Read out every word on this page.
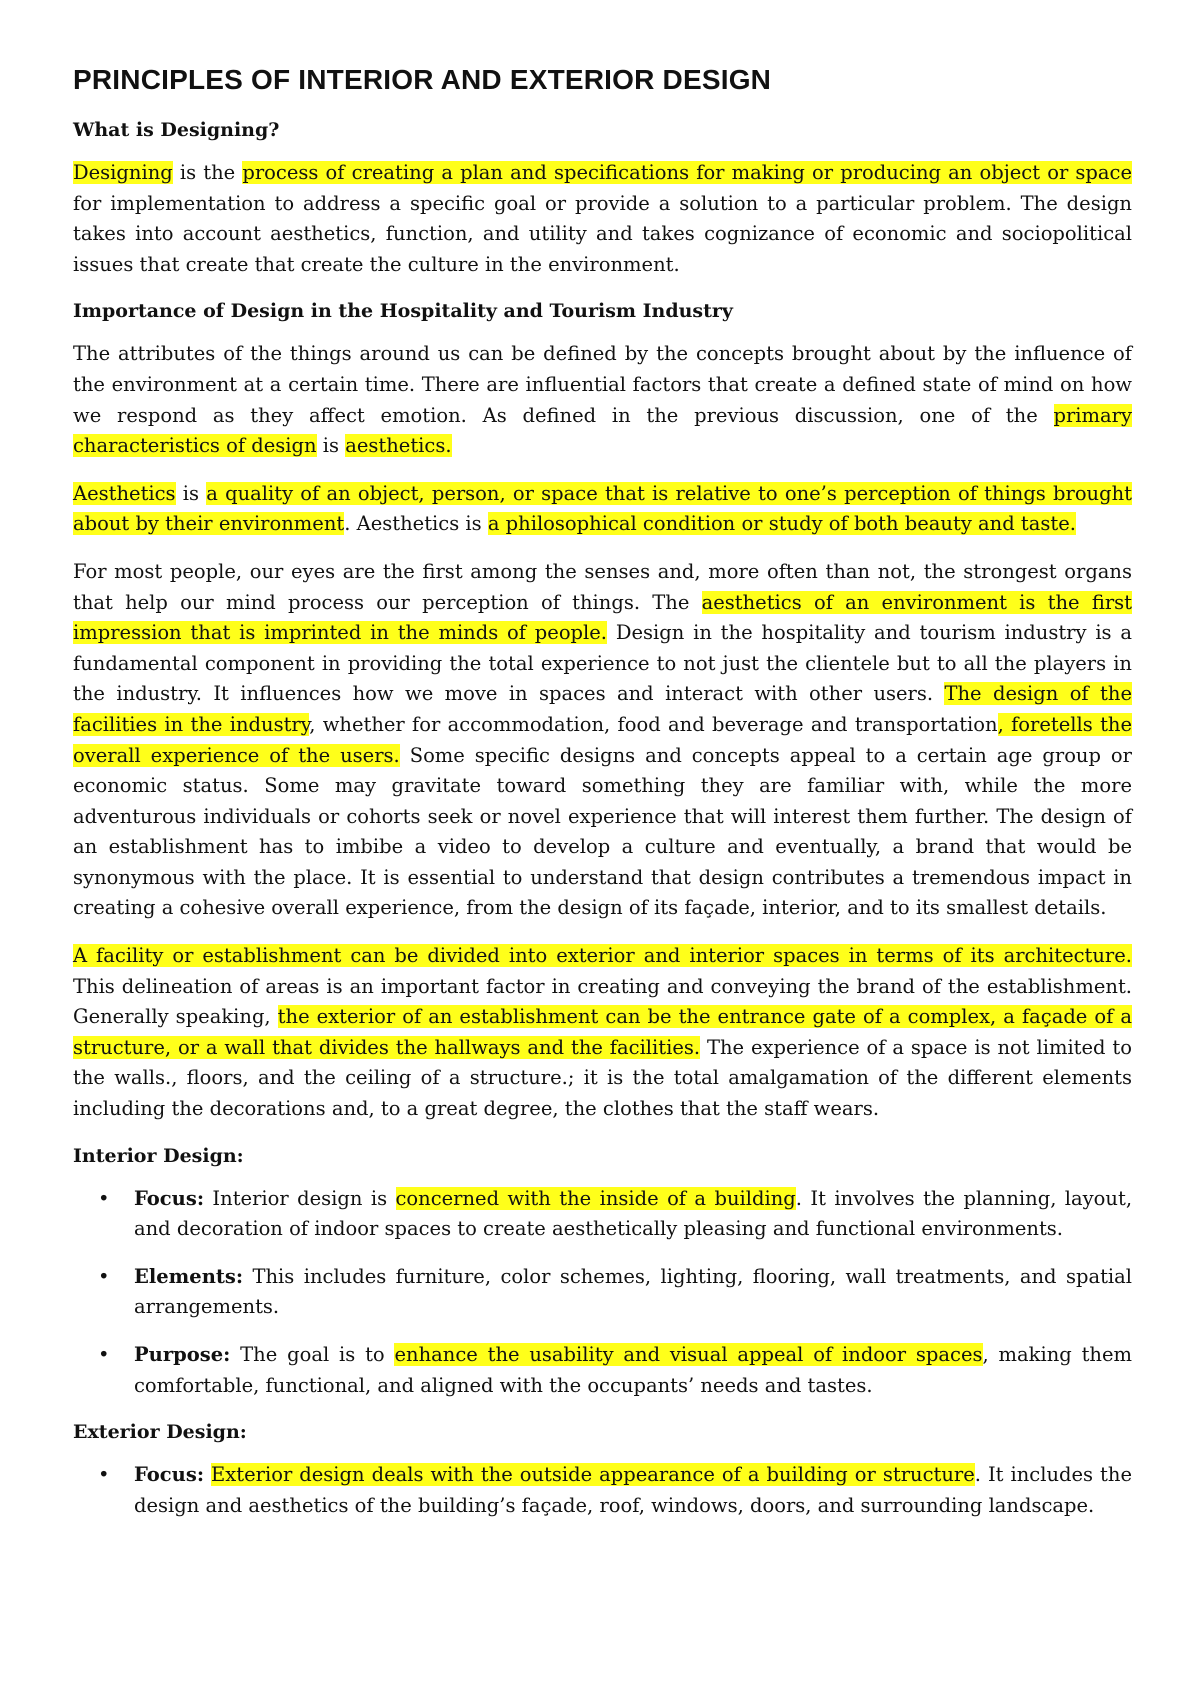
PRINCIPLES OF INTERIOR AND EXTERIOR DESIGN
What is Designing?

Designing is the process of creating a plan and specifications for making or producing an object or space for implementation to address a specific goal or provide a solution to a particular problem. The design takes into account aesthetics, function, and utility and takes cognizance of economic and sociopolitical issues that create that create the culture in the environment.

Importance of Design in the Hospitality and Tourism Industry

The attributes of the things around us can be defined by the concepts brought about by the influence of the environment at a certain time. There are influential factors that create a defined state of mind on how we respond as they affect emotion. As defined in the previous discussion, one of the primary characteristics of design is aesthetics.

Aesthetics is a quality of an object, person, or space that is relative to one’s perception of things brought about by their environment. Aesthetics is a philosophical condition or study of both beauty and taste.

For most people, our eyes are the first among the senses and, more often than not, the strongest organs that help our mind process our perception of things. The aesthetics of an environment is the first impression that is imprinted in the minds of people. Design in the hospitality and tourism industry is a fundamental component in providing the total experience to not just the clientele but to all the players in the industry. It influences how we move in spaces and interact with other users. The design of the facilities in the industry, whether for accommodation, food and beverage and transportation, foretells the overall experience of the users. Some specific designs and concepts appeal to a certain age group or economic status. Some may gravitate toward something they are familiar with, while the more adventurous individuals or cohorts seek or novel experience that will interest them further. The design of an establishment has to imbibe a video to develop a culture and eventually, a brand that would be synonymous with the place. It is essential to understand that design contributes a tremendous impact in creating a cohesive overall experience, from the design of its façade, interior, and to its smallest details.

A facility or establishment can be divided into exterior and interior spaces in terms of its architecture. This delineation of areas is an important factor in creating and conveying the brand of the establishment. Generally speaking, the exterior of an establishment can be the entrance gate of a complex, a façade of a structure, or a wall that divides the hallways and the facilities. The experience of a space is not limited to the walls., floors, and the ceiling of a structure.; it is the total amalgamation of the different elements including the decorations and, to a great degree, the clothes that the staff wears.

Interior Design:
• Focus: Interior design is concerned with the inside of a building. It involves the planning, layout, and decoration of indoor spaces to create aesthetically pleasing and functional environments.
• Elements: This includes furniture, color schemes, lighting, flooring, wall treatments, and spatial arrangements.
• Purpose: The goal is to enhance the usability and visual appeal of indoor spaces, making them comfortable, functional, and aligned with the occupants’ needs and tastes.
Exterior Design:
• Focus: Exterior design deals with the outside appearance of a building or structure. It includes the design and aesthetics of the building’s façade, roof, windows, doors, and surrounding landscape.
